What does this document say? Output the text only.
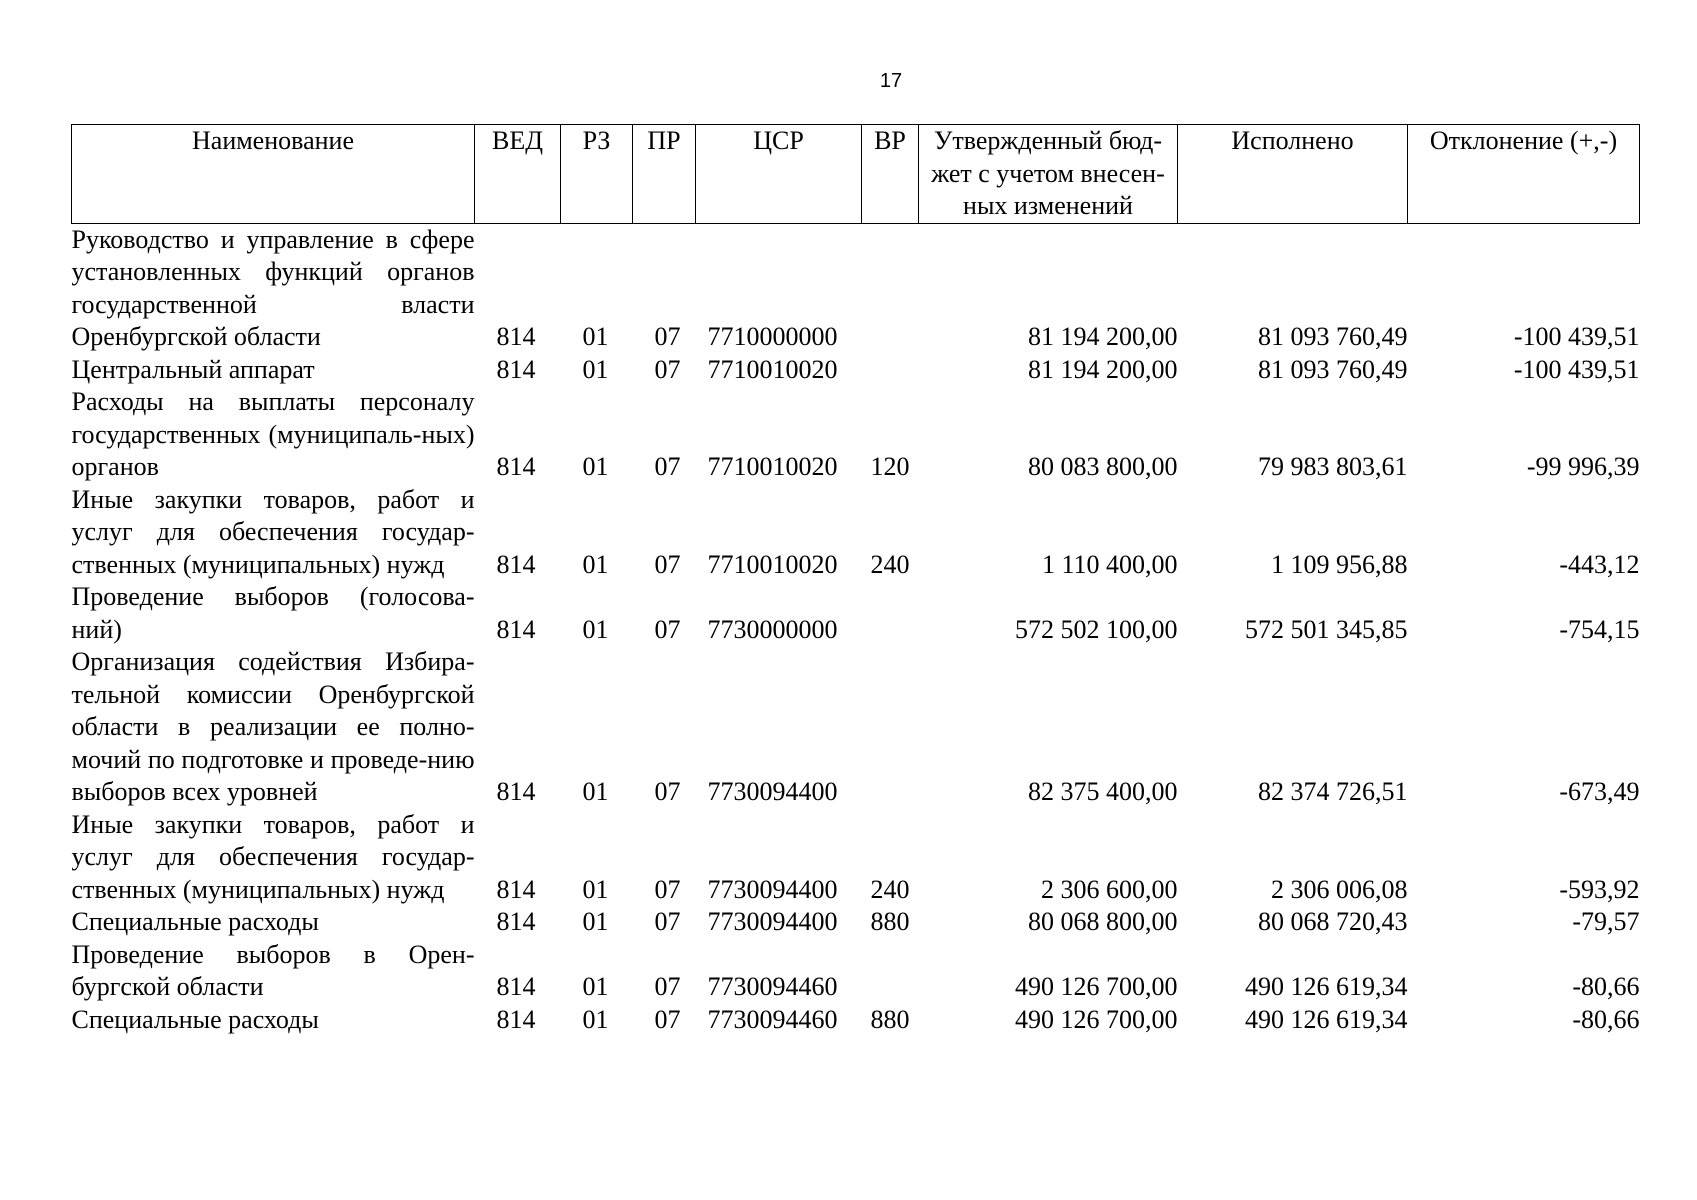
17
Наименование	ВЕД	РЗ	ПР	ЦСР	ВР	Утвержденный бюд-жет с учетом внесен-ных изменений	Исполнено	Отклонение (+,-)
Руководство и управление в сфере установленных функций органов государственной власти Оренбургской области	814	01	07	7710000000		81 194 200,00	81 093 760,49	-100 439,51
Центральный аппарат	814	01	07	7710010020		81 194 200,00	81 093 760,49	-100 439,51
Расходы на выплаты персоналу государственных (муниципаль-ных) органов	814	01	07	7710010020	120	80 083 800,00	79 983 803,61	-99 996,39
Иные закупки товаров, работ и услуг для обеспечения государ-ственных (муниципальных) нужд	814	01	07	7710010020	240	1 110 400,00	1 109 956,88	-443,12
Проведение выборов (голосова-ний)	814	01	07	7730000000		572 502 100,00	572 501 345,85	-754,15
Организация содействия Избира-тельной комиссии Оренбургской области в реализации ее полно-мочий по подготовке и проведе-нию выборов всех уровней	814	01	07	7730094400		82 375 400,00	82 374 726,51	-673,49
Иные закупки товаров, работ и услуг для обеспечения государ-ственных (муниципальных) нужд	814	01	07	7730094400	240	2 306 600,00	2 306 006,08	-593,92
Специальные расходы	814	01	07	7730094400	880	80 068 800,00	80 068 720,43	-79,57
Проведение выборов в Орен-бургской области	814	01	07	7730094460		490 126 700,00	490 126 619,34	-80,66
Специальные расходы	814	01	07	7730094460	880	490 126 700,00	490 126 619,34	-80,66
